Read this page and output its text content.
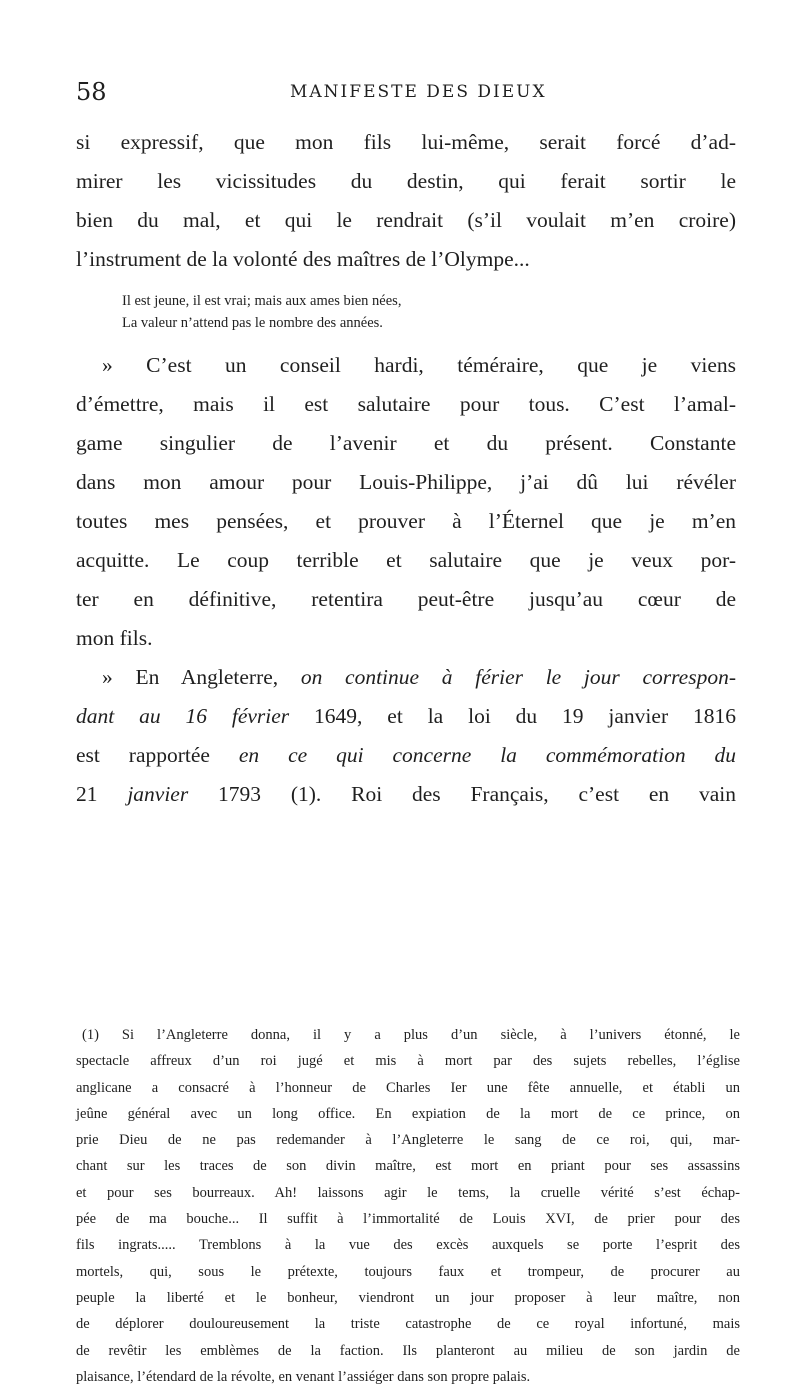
58	MANIFESTE DES DIEUX
si expressif, que mon fils lui-même, serait forcé d’ad-
mirer les vicissitudes du destin, qui ferait sortir le
bien du mal, et qui le rendrait (s’il voulait m’en croire)
l’instrument de la volonté des maîtres de l’Olympe...
Il est jeune, il est vrai; mais aux ames bien nées,
La valeur n’attend pas le nombre des années.
» C’est un conseil hardi, téméraire, que je viens
d’émettre, mais il est salutaire pour tous. C’est l’amal-
game singulier de l’avenir et du présent. Constante
dans mon amour pour Louis-Philippe, j’ai dû lui révéler
toutes mes pensées, et prouver à l’Éternel que je m’en
acquitte. Le coup terrible et salutaire que je veux por-
ter en définitive, retentira peut-être jusqu’au cœur de
mon fils.
» En Angleterre, on continue à férier le jour correspon-
dant au 16 février 1649, et la loi du 19 janvier 1816
est rapportée en ce qui concerne la commémoration du
21 janvier 1793 (1). Roi des Français, c’est en vain
(1) Si l’Angleterre donna, il y a plus d’un siècle, à l’univers étonné, le
spectacle affreux d’un roi jugé et mis à mort par des sujets rebelles, l’église
anglicane a consacré à l’honneur de Charles Ier une fête annuelle, et établi un
jeûne général avec un long office. En expiation de la mort de ce prince, on
prie Dieu de ne pas redemander à l’Angleterre le sang de ce roi, qui, mar-
chant sur les traces de son divin maître, est mort en priant pour ses assassins
et pour ses bourreaux. Ah! laissons agir le tems, la cruelle vérité s’est échap-
pée de ma bouche... Il suffit à l’immortalité de Louis XVI, de prier pour des
fils ingrats..... Tremblons à la vue des excès auxquels se porte l’esprit des
mortels, qui, sous le prétexte, toujours faux et trompeur, de procurer au
peuple la liberté et le bonheur, viendront un jour proposer à leur maître, non
de déplorer douloureusement la triste catastrophe de ce royal infortuné, mais
de revêtir les emblèmes de la faction. Ils planteront au milieu de son jardin de
plaisance, l’étendard de la révolte, en venant l’assiéger dans son propre palais.
